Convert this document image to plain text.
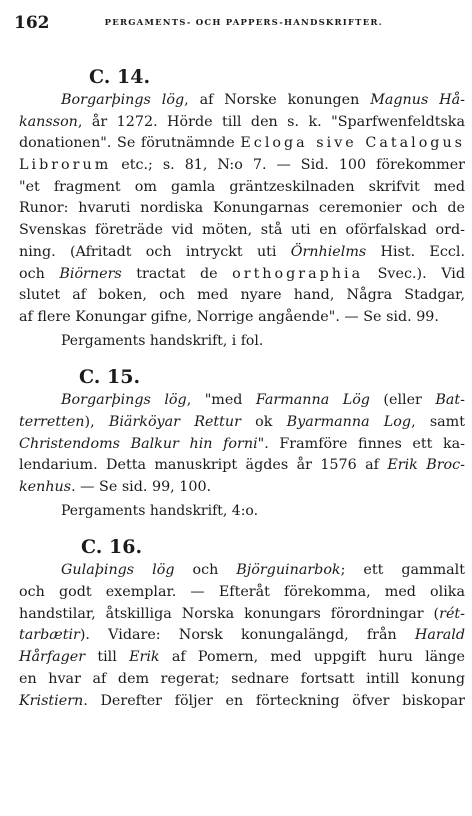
162	PERGAMENTS- OCH PAPPERS-HANDSKRIFTER.
C. 14.
Borgarþings lög, af Norske konungen Magnus Hå-
kansson, år 1272. Hörde till den s. k. "Sparfwenfeldtska
donationen". Se förutnämnde Ecloga sive Catalogus
Librorum etc.; s. 81, N:o 7. — Sid. 100 förekommer
"et fragment om gamla gräntzeskilnaden skrifvit med
Runor: hvaruti nordiska Konungarnas ceremonier och de
Svenskas företräde vid möten, stå uti en oförfalskad ord-
ning. (Afritadt och intryckt uti Örnhielms Hist. Eccl.
och Biörners tractat de orthographia Svec.). Vid
slutet af boken, och med nyare hand, Några Stadgar,
af flere Konungar gifne, Norrige angående". — Se sid. 99.
Pergaments handskrift, i fol.
C. 15.
Borgarþings lög, "med Farmanna Lög (eller Bat-
terretten), Biärköyar Rettur ok Byarmanna Log, samt
Christendoms Balkur hin forni". Framföre finnes ett ka-
lendarium. Detta manuskript ägdes år 1576 af Erik Broc-
kenhus. — Se sid. 99, 100.
Pergaments handskrift, 4:o.
C. 16.
Gulaþings lög och Björguinarbok; ett gammalt
och godt exemplar. — Efteråt förekomma, med olika
handstilar, åtskilliga Norska konungars förordningar (rét-
tarbætir). Vidare: Norsk konungalängd, från Harald
Hårfager till Erik af Pomern, med uppgift huru länge
en hvar af dem regerat; sednare fortsatt intill konung
Kristiern. Derefter följer en förteckning öfver biskopar
